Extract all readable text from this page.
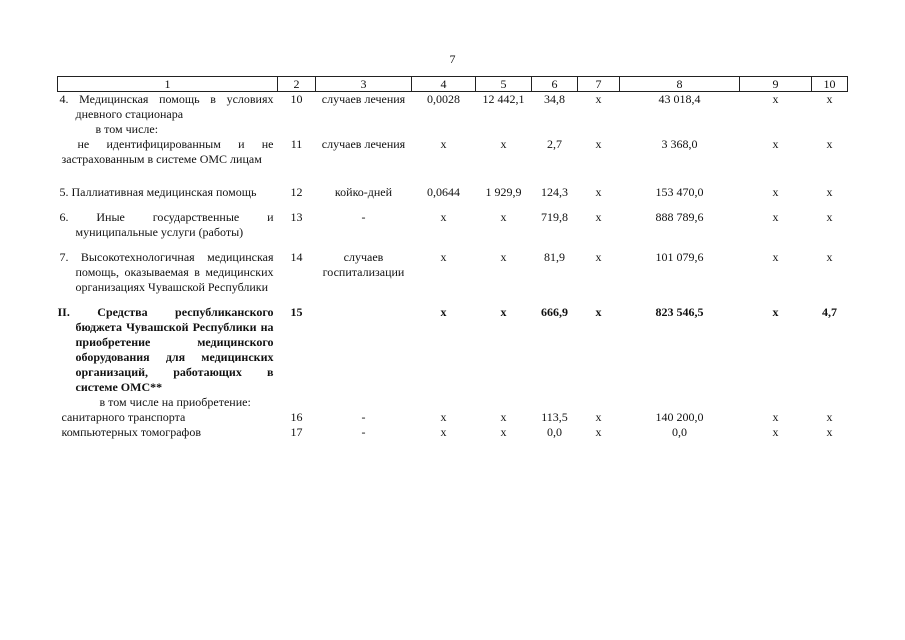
7
1	2	3	4	5	6	7	8	9	10
4. Медицинская помощь в условиях дневного стационара	10	случаев лечения	0,0028	12 442,1	34,8	х	43 018,4	х	х
в том числе:									
не идентифицированным и не застрахованным в системе ОМС лицам	11	случаев лечения	х	х	2,7	х	3 368,0	х	х
5. Паллиативная медицинская помощь	12	койко-дней	0,0644	1 929,9	124,3	х	153 470,0	х	х
6. Иные государственные и муниципальные услуги (работы)	13	-	х	х	719,8	х	888 789,6	х	х
7. Высокотехнологичная медицинская помощь, оказываемая в медицинских организациях Чувашской Республики	14	случаев госпитализации	х	х	81,9	х	101 079,6	х	х
II. Средства республиканского бюджета Чувашской Республики на приобретение медицинского оборудования для медицинских организаций, работающих в системе ОМС**	15		х	х	666,9	х	823 546,5	х	4,7
в том числе на приобретение:									
санитарного транспорта	16	-	х	х	113,5	х	140 200,0	х	х
компьютерных томографов	17	-	х	х	0,0	х	0,0	х	х
